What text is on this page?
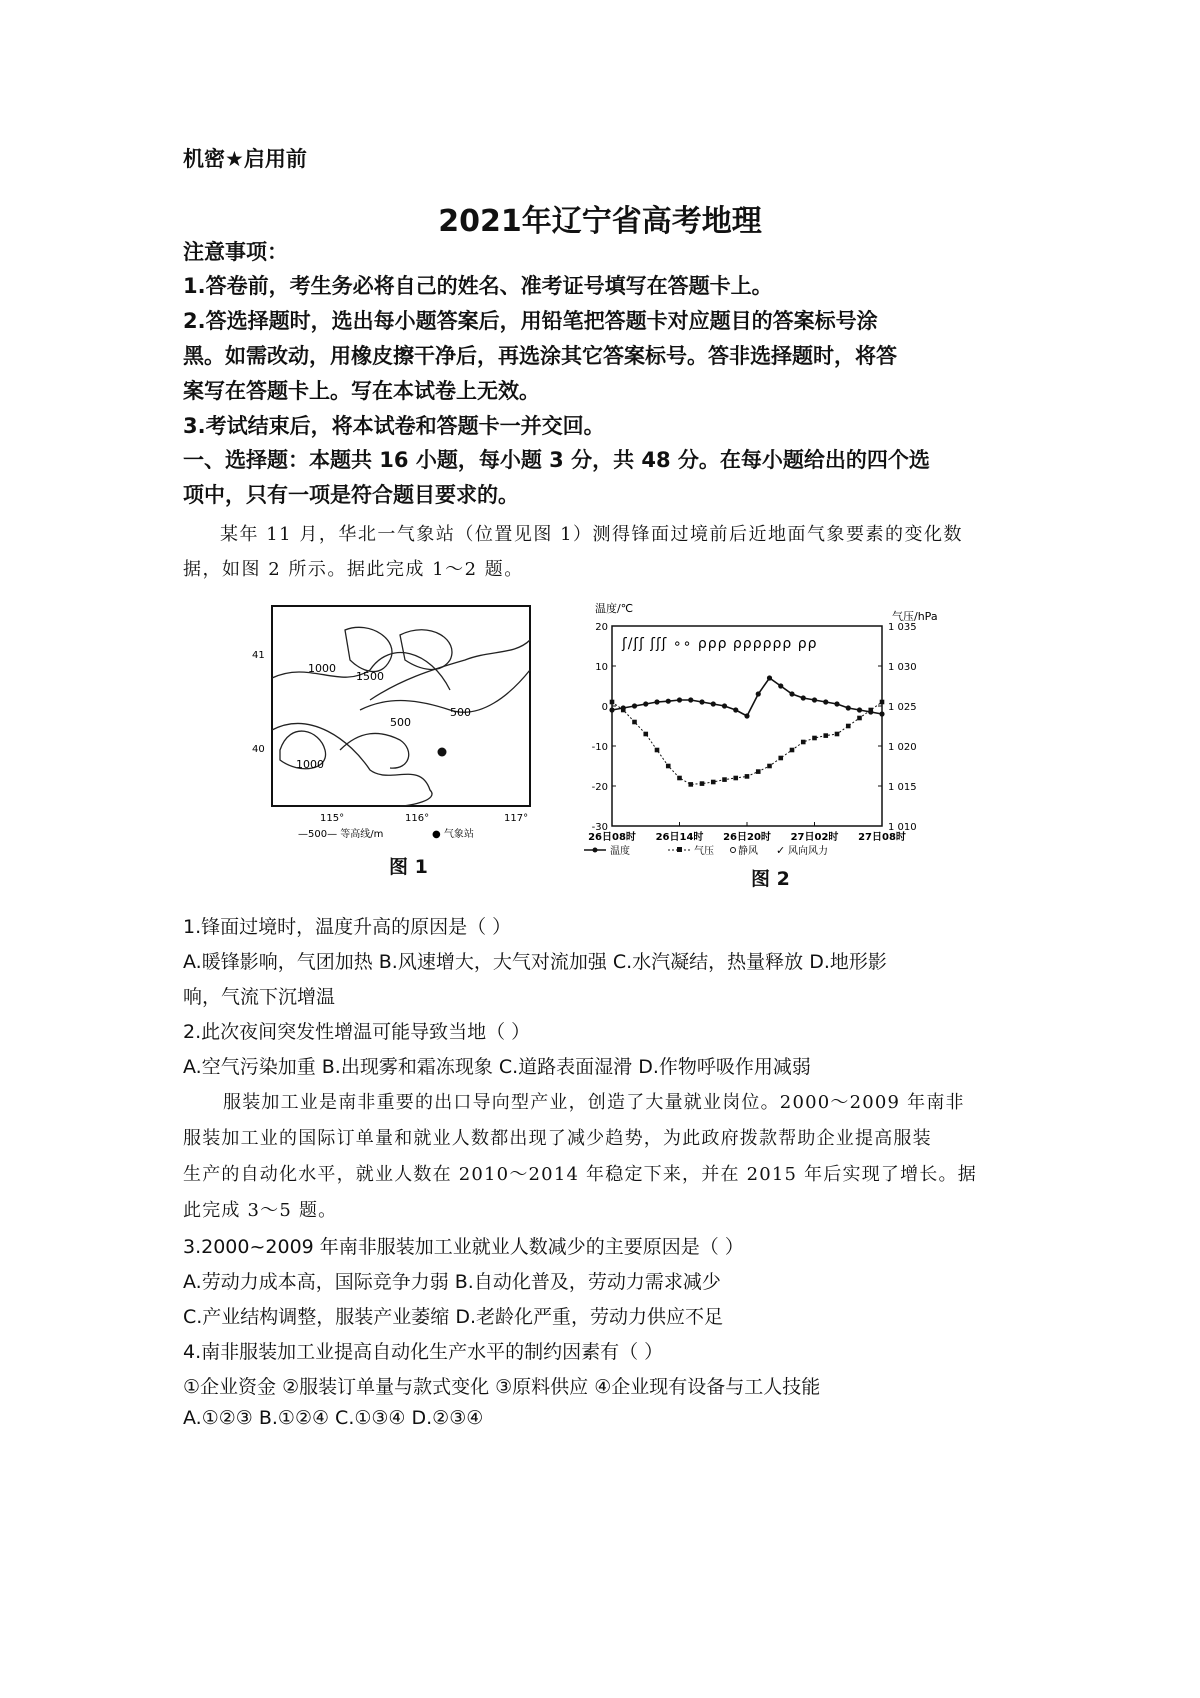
机密★启用前
2021年辽宁省高考地理
注意事项：
1.答卷前，考生务必将自己的姓名、准考证号填写在答题卡上。
2.答选择题时，选出每小题答案后，用铅笔把答题卡对应题目的答案标号涂
黑。如需改动，用橡皮擦干净后，再选涂其它答案标号。答非选择题时，将答
案写在答题卡上。写在本试卷上无效。
3.考试结束后，将本试卷和答题卡一并交回。
一、选择题：本题共 16 小题，每小题 3 分，共 48 分。在每小题给出的四个选
项中，只有一项是符合题目要求的。
某年 11 月，华北一气象站（位置见图 1）测得锋面过境前后近地面气象要素的变化数
据，如图 2 所示。据此完成 1～2 题。
41
40
1000
1500
500
500
1000
115°	116°	117°
—500— 等高线/m	● 气象站
图 1
温度/℃
气压/hPa
20
10
0
-10
-20
-30
1 035
1 030
1 025
1 020
1 015
1 010
26日08时 26日14时 26日20时 27日02时 27日08时
ʃ/ʃʃ ʃʃʃ ∘∘ ρρρ ρρρρρρ ρρ
温度	气压 静风 ✓ 风向风力
图 2
1.锋面过境时，温度升高的原因是（ ）
A.暖锋影响，气团加热 B.风速增大，大气对流加强 C.水汽凝结，热量释放 D.地形影
响，气流下沉增温
2.此次夜间突发性增温可能导致当地（ ）
A.空气污染加重 B.出现雾和霜冻现象 C.道路表面湿滑 D.作物呼吸作用减弱
服装加工业是南非重要的出口导向型产业，创造了大量就业岗位。2000～2009 年南非
服装加工业的国际订单量和就业人数都出现了减少趋势，为此政府拨款帮助企业提高服装
生产的自动化水平，就业人数在 2010～2014 年稳定下来，并在 2015 年后实现了增长。据
此完成 3～5 题。
3.2000~2009 年南非服装加工业就业人数减少的主要原因是（ ）
A.劳动力成本高，国际竞争力弱 B.自动化普及，劳动力需求减少
C.产业结构调整，服装产业萎缩 D.老龄化严重，劳动力供应不足
4.南非服装加工业提高自动化生产水平的制约因素有（ ）
①企业资金 ②服装订单量与款式变化 ③原料供应 ④企业现有设备与工人技能
A.①②③ B.①②④ C.①③④ D.②③④
